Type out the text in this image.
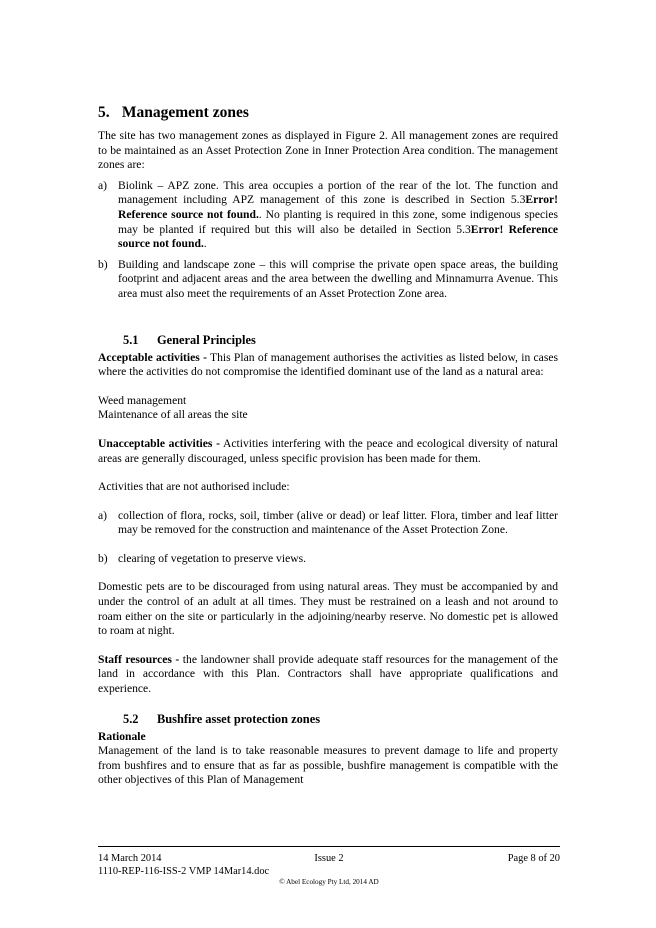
5. Management zones

The site has two management zones as displayed in Figure 2. All management zones are required to be maintained as an Asset Protection Zone in Inner Protection Area condition. The management zones are:

a) Biolink – APZ zone. This area occupies a portion of the rear of the lot. The function and management including APZ management of this zone is described in Section 5.3Error! Reference source not found.. No planting is required in this zone, some indigenous species may be planted if required but this will also be detailed in Section 5.3Error! Reference source not found..
b) Building and landscape zone – this will comprise the private open space areas, the building footprint and adjacent areas and the area between the dwelling and Minnamurra Avenue. This area must also meet the requirements of an Asset Protection Zone area.
5.1 General Principles

Acceptable activities - This Plan of management authorises the activities as listed below, in cases where the activities do not compromise the identified dominant use of the land as a natural area:

Weed management

Maintenance of all areas the site

Unacceptable activities - Activities interfering with the peace and ecological diversity of natural areas are generally discouraged, unless specific provision has been made for them.

Activities that are not authorised include:

a) collection of flora, rocks, soil, timber (alive or dead) or leaf litter. Flora, timber and leaf litter may be removed for the construction and maintenance of the Asset Protection Zone.
b) clearing of vegetation to preserve views.

Domestic pets are to be discouraged from using natural areas. They must be accompanied by and under the control of an adult at all times. They must be restrained on a leash and not around to roam either on the site or particularly in the adjoining/nearby reserve. No domestic pet is allowed to roam at night.

Staff resources - the landowner shall provide adequate staff resources for the management of the land in accordance with this Plan. Contractors shall have appropriate qualifications and experience.

5.2 Bushfire asset protection zones

Rationale

Management of the land is to take reasonable measures to prevent damage to life and property from bushfires and to ensure that as far as possible, bushfire management is compatible with the other objectives of this Plan of Management

14 March 2014	Issue 2	Page 8 of 20
1110-REP-116-ISS-2 VMP 14Mar14.doc
© Abel Ecology Pty Ltd, 2014 AD
